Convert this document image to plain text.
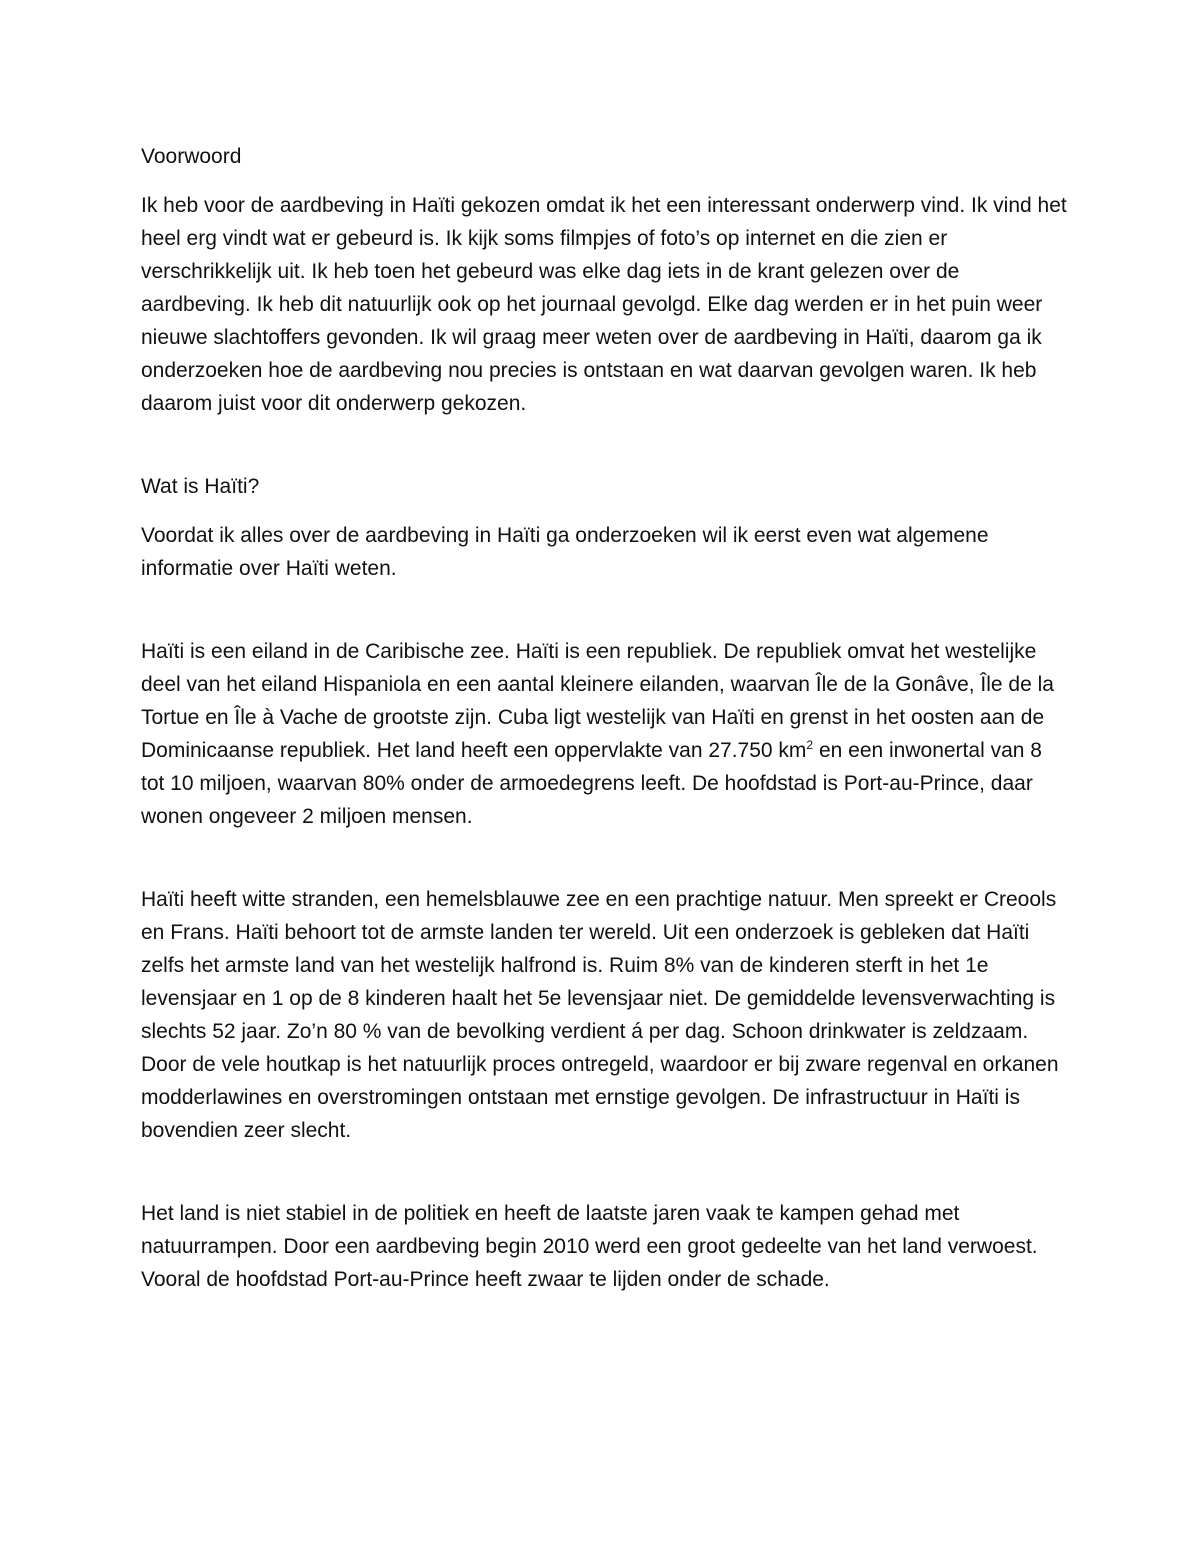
Voorwoord

Ik heb voor de aardbeving in Haïti gekozen omdat ik het een interessant onderwerp vind. Ik vind het heel erg vindt wat er gebeurd is. Ik kijk soms filmpjes of foto’s op internet en die zien er verschrikkelijk uit. Ik heb toen het gebeurd was elke dag iets in de krant gelezen over de aardbeving. Ik heb dit natuurlijk ook op het journaal gevolgd. Elke dag werden er in het puin weer nieuwe slachtoffers gevonden. Ik wil graag meer weten over de aardbeving in Haïti, daarom ga ik onderzoeken hoe de aardbeving nou precies is ontstaan en wat daarvan gevolgen waren. Ik heb daarom juist voor dit onderwerp gekozen.

Wat is Haïti?

Voordat ik alles over de aardbeving in Haïti ga onderzoeken wil ik eerst even wat algemene informatie over Haïti weten.

Haïti is een eiland in de Caribische zee. Haïti is een republiek. De republiek omvat het westelijke deel van het eiland Hispaniola en een aantal kleinere eilanden, waarvan Île de la Gonâve, Île de la Tortue en Île à Vache de grootste zijn. Cuba ligt westelijk van Haïti en grenst in het oosten aan de Dominicaanse republiek. Het land heeft een oppervlakte van 27.750 $km^2$ en een inwonertal van 8 tot 10 miljoen, waarvan 80% onder de armoedegrens leeft. De hoofdstad is Port-au-Prince, daar wonen ongeveer 2 miljoen mensen.

Haïti heeft witte stranden, een hemelsblauwe zee en een prachtige natuur. Men spreekt er Creools en Frans. Haïti behoort tot de armste landen ter wereld. Uit een onderzoek is gebleken dat Haïti zelfs het armste land van het westelijk halfrond is. Ruim 8% van de kinderen sterft in het 1e levensjaar en 1 op de 8 kinderen haalt het 5e levensjaar niet. De gemiddelde levensverwachting is slechts 52 jaar. Zo’n 80 % van de bevolking verdient á per dag. Schoon drinkwater is zeldzaam. Door de vele houtkap is het natuurlijk proces ontregeld, waardoor er bij zware regenval en orkanen modderlawines en overstromingen ontstaan met ernstige gevolgen. De infrastructuur in Haïti is bovendien zeer slecht.

Het land is niet stabiel in de politiek en heeft de laatste jaren vaak te kampen gehad met natuurrampen. Door een aardbeving begin 2010 werd een groot gedeelte van het land verwoest. Vooral de hoofdstad Port-au-Prince heeft zwaar te lijden onder de schade.
